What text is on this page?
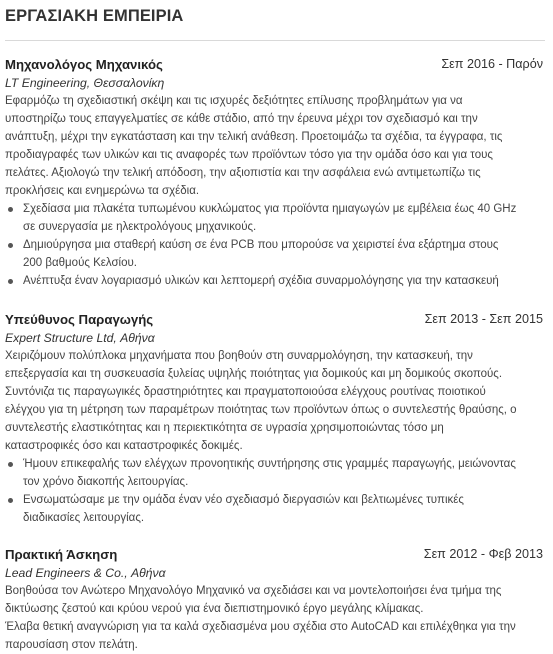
ΕΡΓΑΣΙΑΚΗ ΕΜΠΕΙΡΙΑ
Μηχανολόγος Μηχανικός	Σεπ 2016 - Παρόν
LT Engineering, Θεσσαλονίκη

Εφαρμόζω τη σχεδιαστική σκέψη και τις ισχυρές δεξιότητες επίλυσης προβλημάτων για να
υποστηρίζω τους επαγγελματίες σε κάθε στάδιο, από την έρευνα μέχρι τον σχεδιασμό και την
ανάπτυξη, μέχρι την εγκατάσταση και την τελική ανάθεση. Προετοιμάζω τα σχέδια, τα έγγραφα, τις
προδιαγραφές των υλικών και τις αναφορές των προϊόντων τόσο για την ομάδα όσο και για τους
πελάτες. Αξιολογώ την τελική απόδοση, την αξιοπιστία και την ασφάλεια ενώ αντιμετωπίζω τις
προκλήσεις και ενημερώνω τα σχέδια.

Σχεδίασα μια πλακέτα τυπωμένου κυκλώματος για προϊόντα ημιαγωγών με εμβέλεια έως 40 GHz
σε συνεργασία με ηλεκτρολόγους μηχανικούς.
Δημιούργησα μια σταθερή καύση σε ένα PCB που μπορούσε να χειριστεί ένα εξάρτημα στους
200 βαθμούς Κελσίου.
Ανέπτυξα έναν λογαριασμό υλικών και λεπτομερή σχέδια συναρμολόγησης για την κατασκευή
Υπεύθυνος Παραγωγής	Σεπ 2013 - Σεπ 2015
Expert Structure Ltd, Αθήνα

Χειριζόμουν πολύπλοκα μηχανήματα που βοηθούν στη συναρμολόγηση, την κατασκευή, την
επεξεργασία και τη συσκευασία ξυλείας υψηλής ποιότητας για δομικούς και μη δομικούς σκοπούς.
Συντόνιζα τις παραγωγικές δραστηριότητες και πραγματοποιούσα ελέγχους ρουτίνας ποιοτικού
ελέγχου για τη μέτρηση των παραμέτρων ποιότητας των προϊόντων όπως ο συντελεστής θραύσης, ο
συντελεστής ελαστικότητας και η περιεκτικότητα σε υγρασία χρησιμοποιώντας τόσο μη
καταστροφικές όσο και καταστροφικές δοκιμές.

Ήμουν επικεφαλής των ελέγχων προνοητικής συντήρησης στις γραμμές παραγωγής, μειώνοντας
τον χρόνο διακοπής λειτουργίας.
Ενσωματώσαμε με την ομάδα έναν νέο σχεδιασμό διεργασιών και βελτιωμένες τυπικές
διαδικασίες λειτουργίας.
Πρακτική Άσκηση	Σεπ 2012 - Φεβ 2013
Lead Engineers & Co., Αθήνα

Βοηθούσα τον Ανώτερο Μηχανολόγο Μηχανικό να σχεδιάσει και να μοντελοποιήσει ένα τμήμα της
δικτύωσης ζεστού και κρύου νερού για ένα διεπιστημονικό έργο μεγάλης κλίμακας.
Έλαβα θετική αναγνώριση για τα καλά σχεδιασμένα μου σχέδια στο AutoCAD και επιλέχθηκα για την
παρουσίαση στον πελάτη.
